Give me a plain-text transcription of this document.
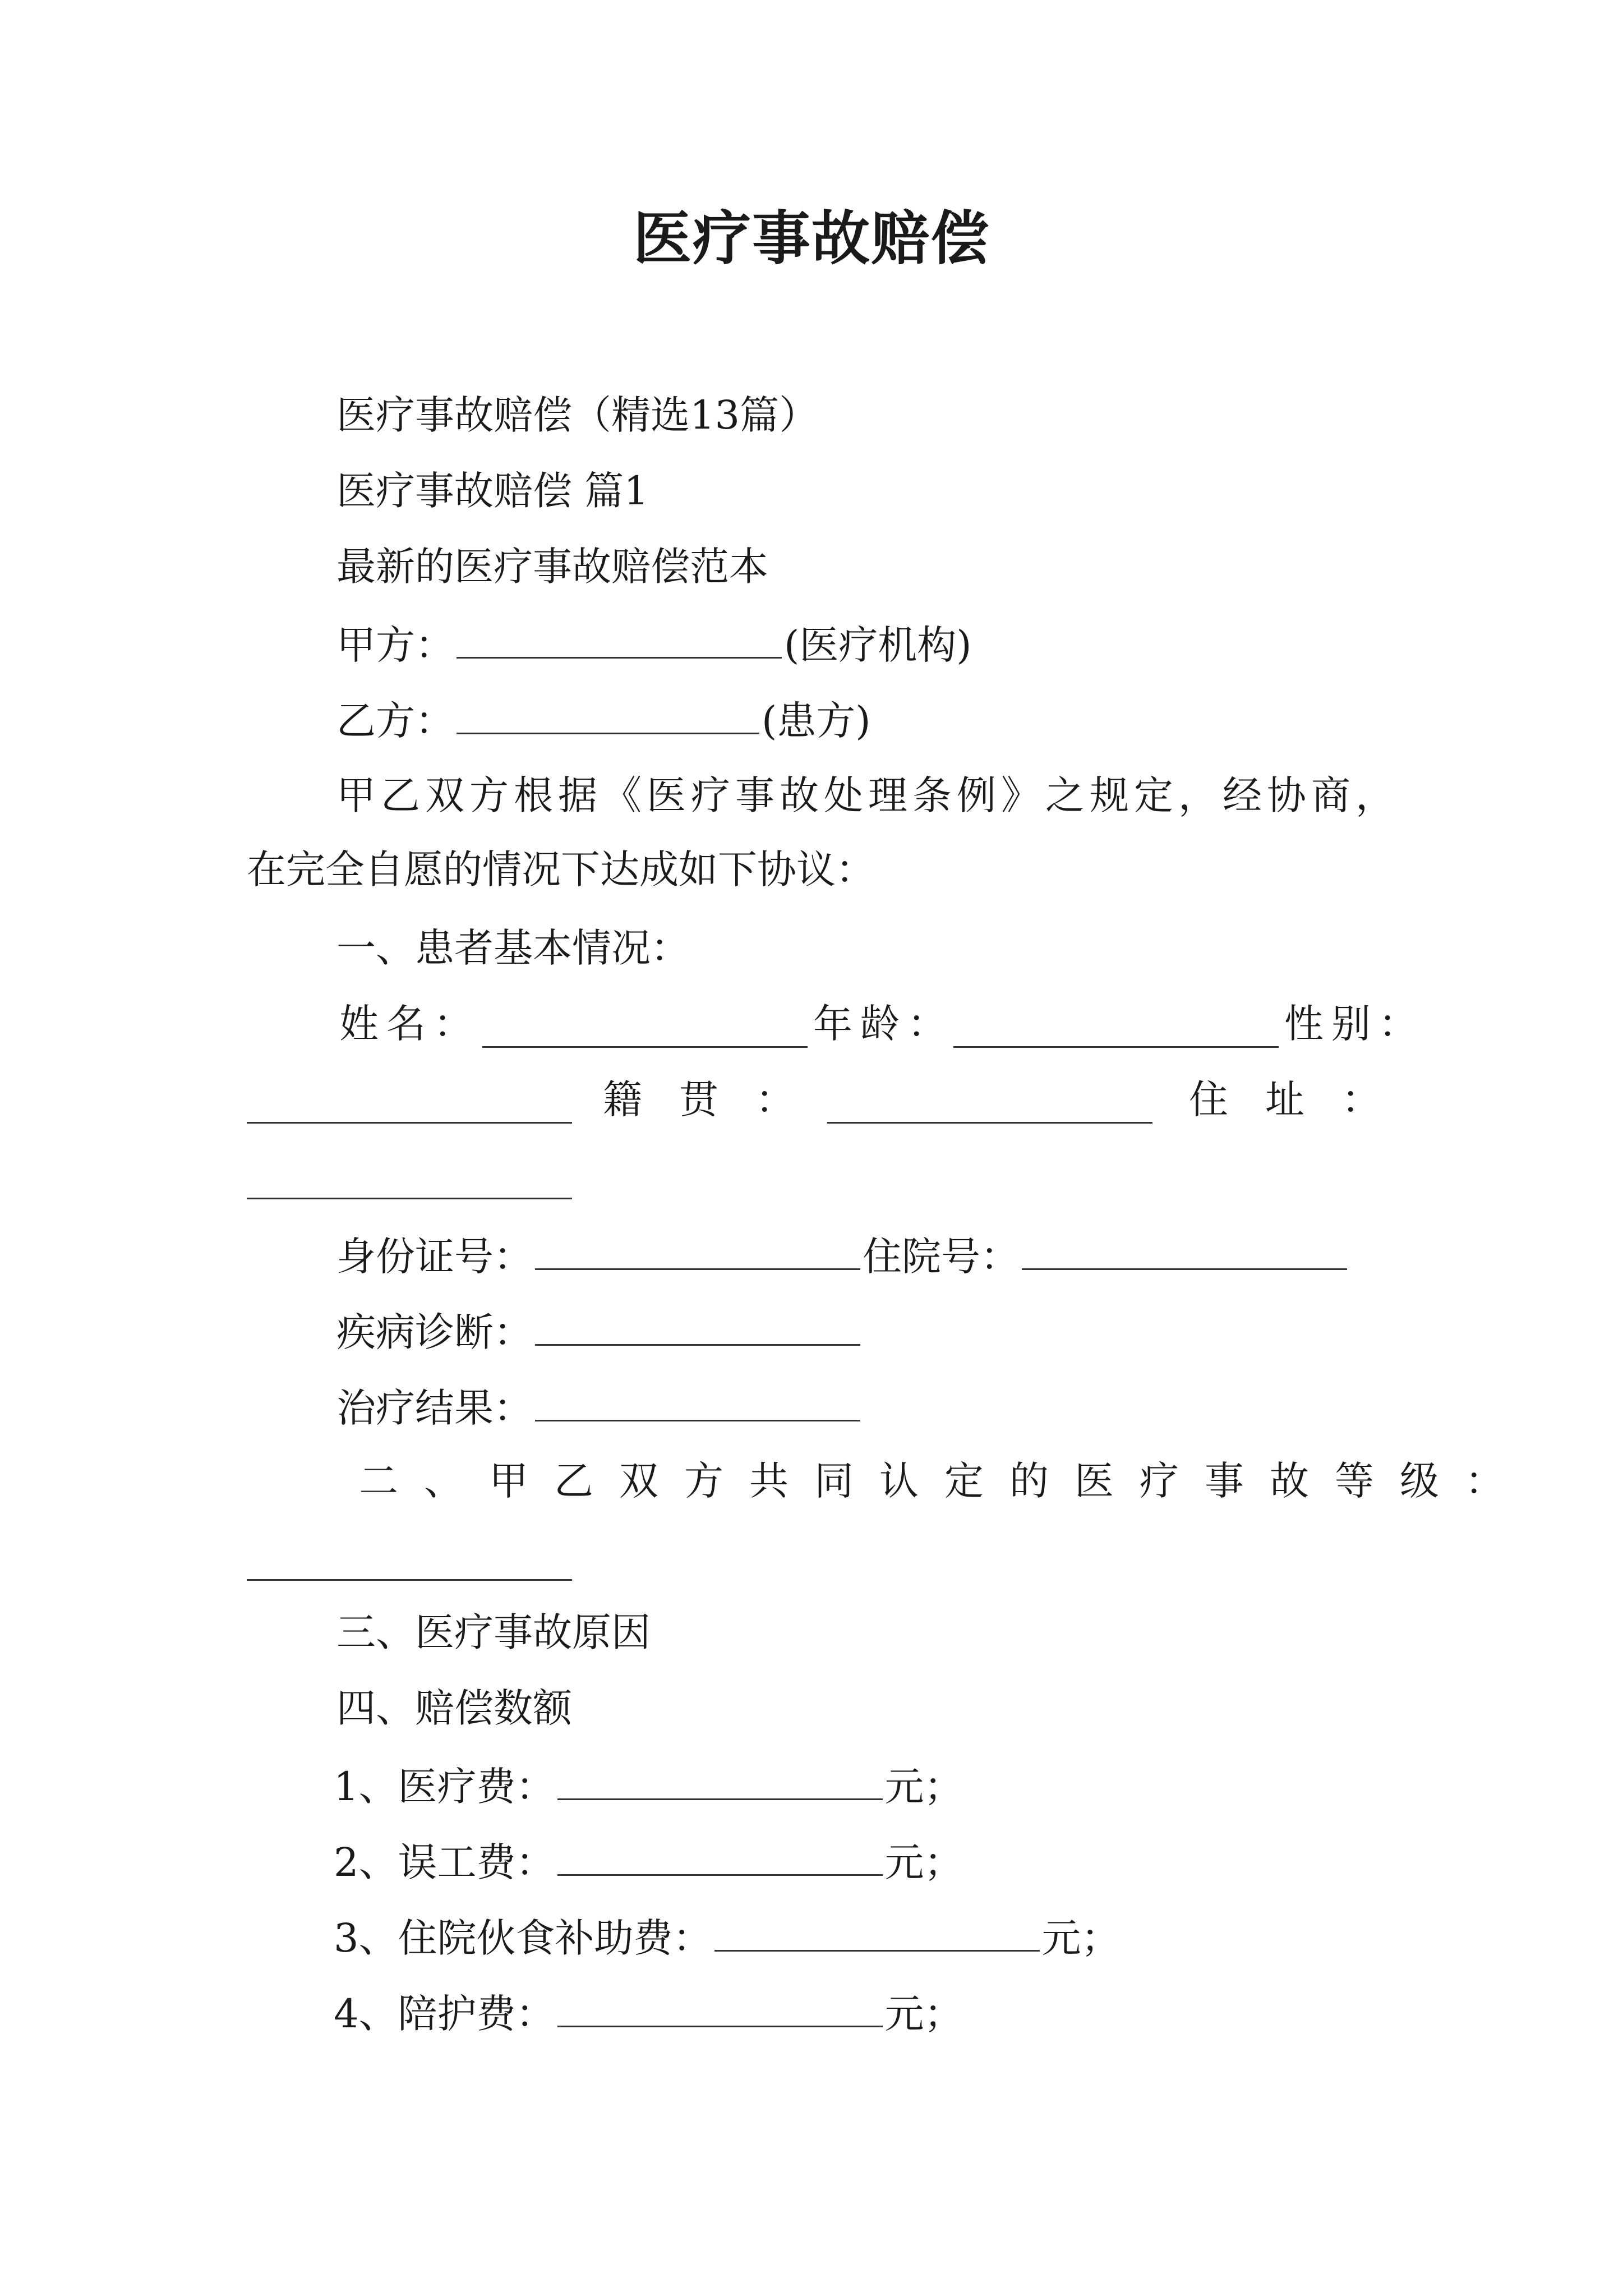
医疗事故赔偿
医疗事故赔偿（精选13篇）
医疗事故赔偿 篇1
最新的医疗事故赔偿范本
甲方：	(医疗机构)
乙方：	(患方)
甲乙双方根据《医疗事故处理条例》之规定，经协商，
在完全自愿的情况下达成如下协议：
一、患者基本情况：
姓名：	年龄：	性别：
籍贯：	住址：
身份证号：	住院号：
疾病诊断：
治疗结果：
二、甲乙双方共同认定的医疗事故等级：
三、医疗事故原因
四、赔偿数额
1、医疗费：	元；
2、误工费：	元；
3、住院伙食补助费：	元；
4、陪护费：	元；
